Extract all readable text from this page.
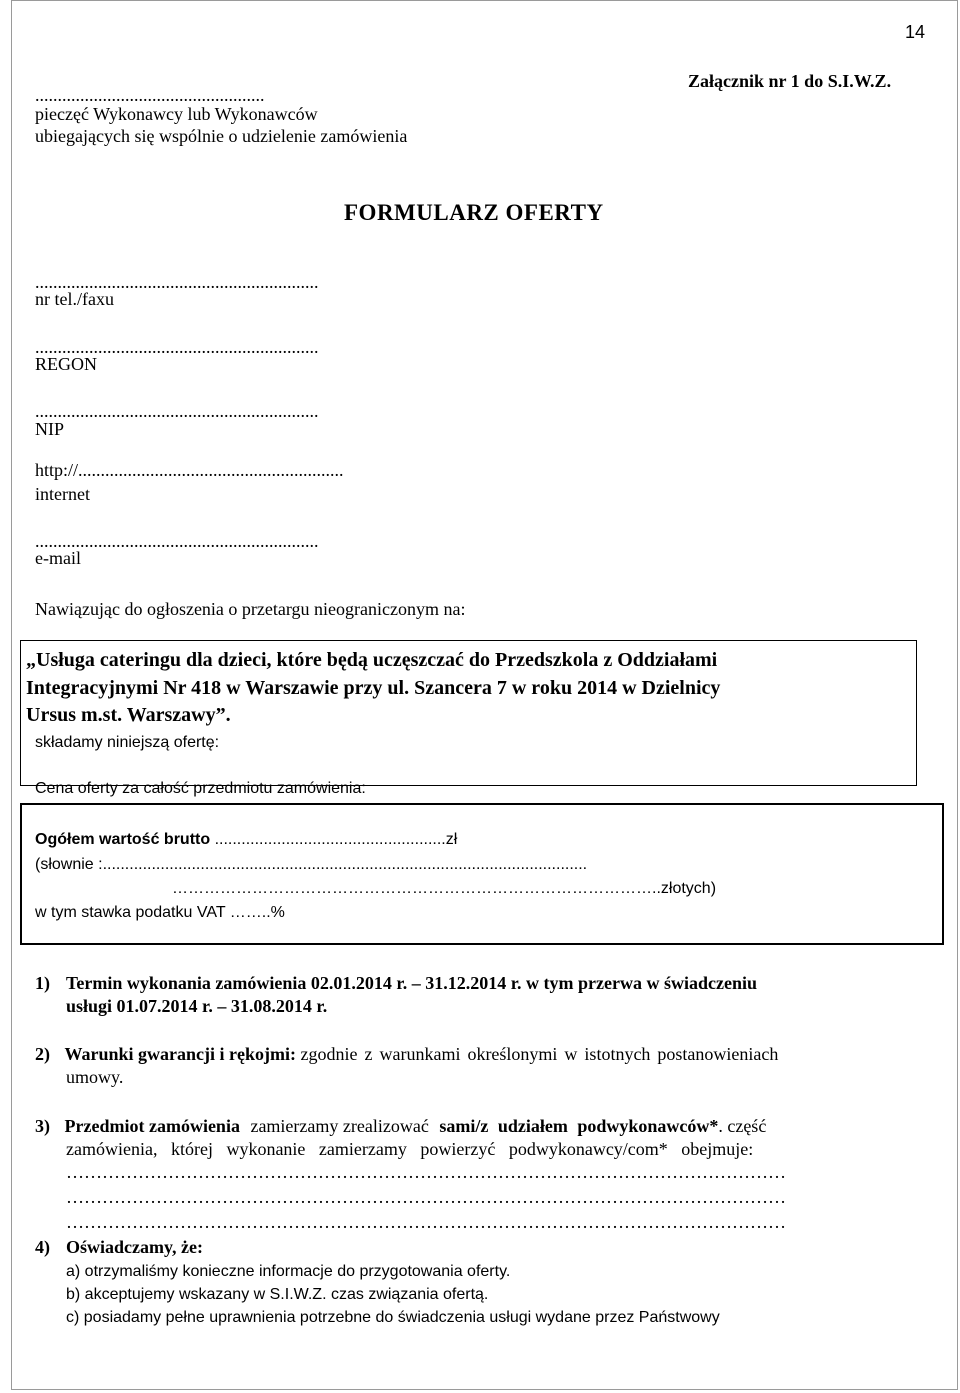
14
...................................................
pieczęć Wykonawcy lub Wykonawców
ubiegających się wspólnie o udzielenie zamówienia
Załącznik nr 1 do S.I.W.Z.
FORMULARZ OFERTY
...............................................................
nr tel./faxu
...............................................................
REGON
...............................................................
NIP
http://...........................................................
internet
...............................................................
e-mail
Nawiązując do ogłoszenia o przetargu nieograniczonym na:
„Usługa cateringu dla dzieci, które będą uczęszczać do Przedszkola z Oddziałami
Integracyjnymi Nr 418 w Warszawie przy ul. Szancera 7 w roku 2014 w Dzielnicy
Ursus m.st. Warszawy”.
składamy niniejszą ofertę:
Cena oferty za całość przedmiotu zamówienia:
Ogółem wartość brutto ....................................................zł
(słownie :.............................................................................................................
………………………………………………………………………………..złotych)
w tym stawka podatku VAT ……..%
1) Termin wykonania zamówienia 02.01.2014 r. – 31.12.2014 r. w tym przerwa w świadczeniu
usługi 01.07.2014 r. – 31.08.2014 r.
2) Warunki gwarancji i rękojmi: zgodnie z warunkami określonymi w istotnych postanowieniach
umowy.
3) Przedmiot zamówienia zamierzamy zrealizować sami/z udziałem podwykonawców*. część
zamówienia, której wykonanie zamierzamy powierzyć podwykonawcy/com* obejmuje:
…………………………………………………………………………………………………………
…………………………………………………………………………………………………………
…………………………………………………………………………………………………………
4) Oświadczamy, że:
a) otrzymaliśmy konieczne informacje do przygotowania oferty.
b) akceptujemy wskazany w S.I.W.Z. czas związania ofertą.
c) posiadamy pełne uprawnienia potrzebne do świadczenia usługi wydane przez Państwowy
